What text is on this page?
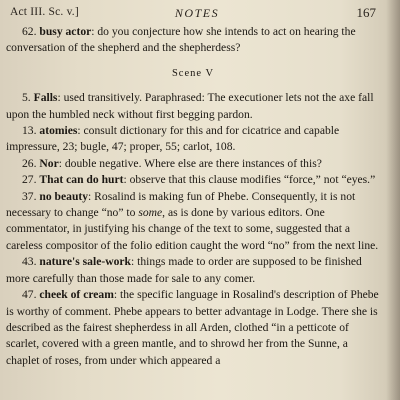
Act III. Sc. v.]	NOTES	167

62. busy actor: do you conjecture how she intends to act on hearing the conversation of the shepherd and the shepherdess?

Scene V

5. Falls: used transitively. Paraphrased: The executioner lets not the axe fall upon the humbled neck without first begging pardon.

13. atomies: consult dictionary for this and for cicatrice and capable impressure, 23; bugle, 47; proper, 55; carlot, 108.

26. Nor: double negative. Where else are there instances of this?

27. That can do hurt: observe that this clause modifies “force,” not “eyes.”

37. no beauty: Rosalind is making fun of Phebe. Consequently, it is not necessary to change “no” to some, as is done by various editors. One commentator, in justifying his change of the text to some, suggested that a careless compositor of the folio edition caught the word “no” from the next line.

43. nature's sale-work: things made to order are supposed to be finished more carefully than those made for sale to any comer.

47. cheek of cream: the specific language in Rosalind's description of Phebe is worthy of comment. Phebe appears to better advantage in Lodge. There she is described as the fairest shepherdess in all Arden, clothed “in a petticote of scarlet, covered with a green mantle, and to shrowd her from the Sunne, a chaplet of roses, from under which appeared a
